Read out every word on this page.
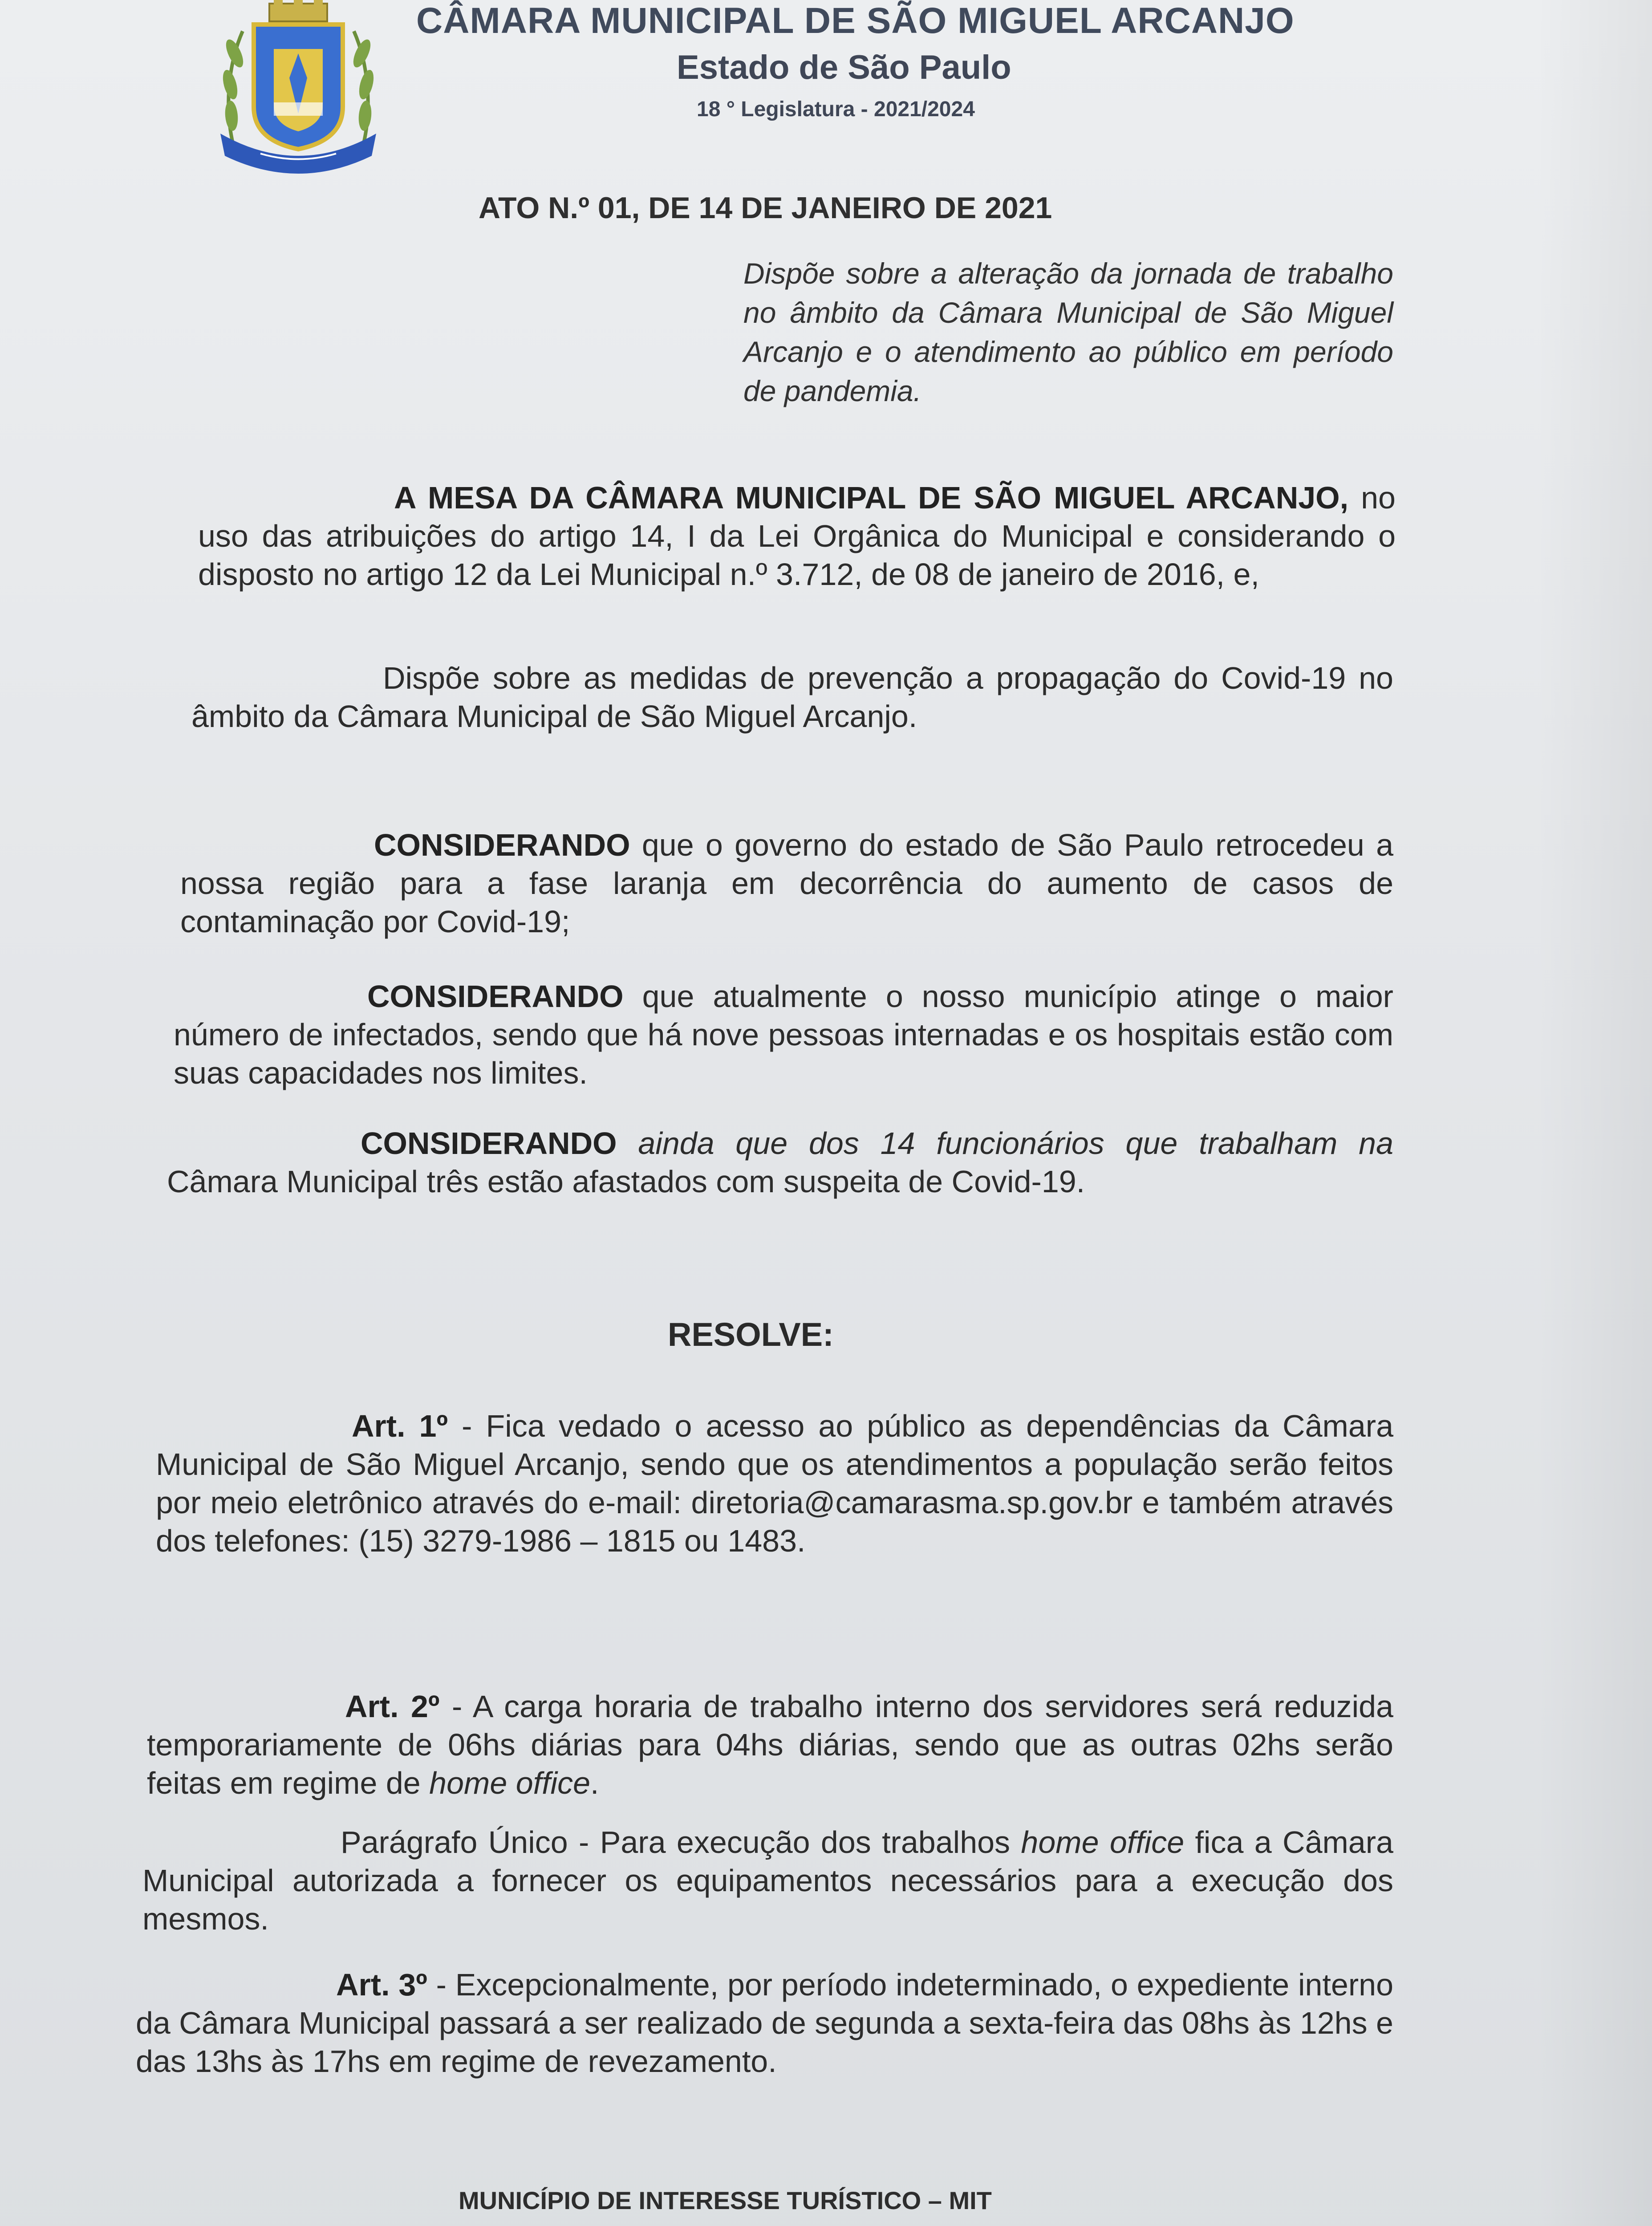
CÂMARA MUNICIPAL DE SÃO MIGUEL ARCANJO
Estado de São Paulo
18 ° Legislatura - 2021/2024
ATO N.º 01, DE 14 DE JANEIRO DE 2021

Dispõe sobre a alteração da jornada de trabalho no âmbito da Câmara Municipal de São Miguel Arcanjo e o atendimento ao público em período de pandemia.

A MESA DA CÂMARA MUNICIPAL DE SÃO MIGUEL ARCANJO, no uso das atribuições do artigo 14, I da Lei Orgânica do Municipal e considerando o disposto no artigo 12 da Lei Municipal n.º 3.712, de 08 de janeiro de 2016, e,

Dispõe sobre as medidas de prevenção a propagação do Covid-19 no âmbito da Câmara Municipal de São Miguel Arcanjo.

CONSIDERANDO que o governo do estado de São Paulo retrocedeu a nossa região para a fase laranja em decorrência do aumento de casos de contaminação por Covid-19;

CONSIDERANDO que atualmente o nosso município atinge o maior número de infectados, sendo que há nove pessoas internadas e os hospitais estão com suas capacidades nos limites.

CONSIDERANDO ainda que dos 14 funcionários que trabalham na Câmara Municipal três estão afastados com suspeita de Covid-19.

RESOLVE:

Art. 1º - Fica vedado o acesso ao público as dependências da Câmara Municipal de São Miguel Arcanjo, sendo que os atendimentos a população serão feitos por meio eletrônico através do e-mail: diretoria@camarasma.sp.gov.br e também através dos telefones: (15) 3279-1986 – 1815 ou 1483.

Art. 2º - A carga horaria de trabalho interno dos servidores será reduzida temporariamente de 06hs diárias para 04hs diárias, sendo que as outras 02hs serão feitas em regime de home office.

Parágrafo Único - Para execução dos trabalhos home office fica a Câmara Municipal autorizada a fornecer os equipamentos necessários para a execução dos mesmos.

Art. 3º - Excepcionalmente, por período indeterminado, o expediente interno da Câmara Municipal passará a ser realizado de segunda a sexta-feira das 08hs às 12hs e das 13hs às 17hs em regime de revezamento.

MUNICÍPIO DE INTERESSE TURÍSTICO – MIT
